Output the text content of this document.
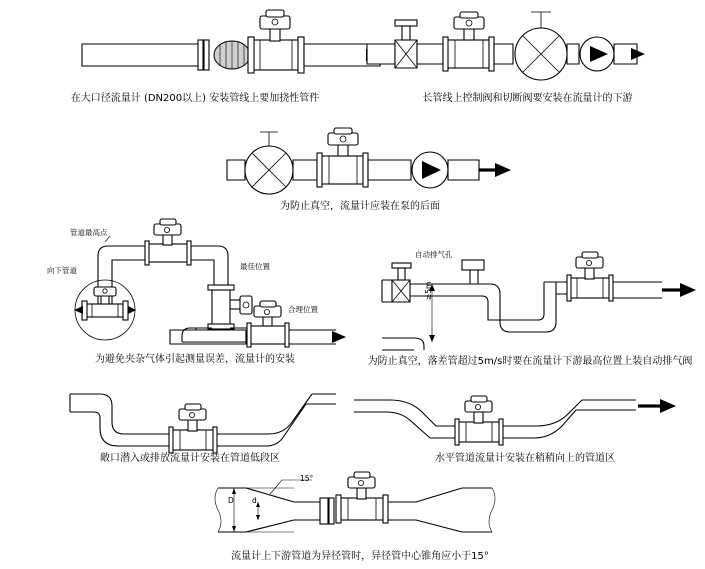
在大口径流量计 (DN200以上) 安装管线上要加挠性管件	长管线上控制阀和切断阀要安装在流量计的下游
为防止真空，流量计应装在泵的后面
管道最高点
向下管道	最佳位置
合理位置
为避免夹杂气体引起测量误差，流量计的安装
自动排气孔
≥5m
为防止真空，落差管超过5m/s时要在流量计下游最高位置上装自动排气阀
敞口潜入或排放流量计安装在管道低段区	水平管道流量计安装在稍稍向上的管道区
d
D
15°
流量计上下游管道为异径管时，异径管中心锥角应小于15°
